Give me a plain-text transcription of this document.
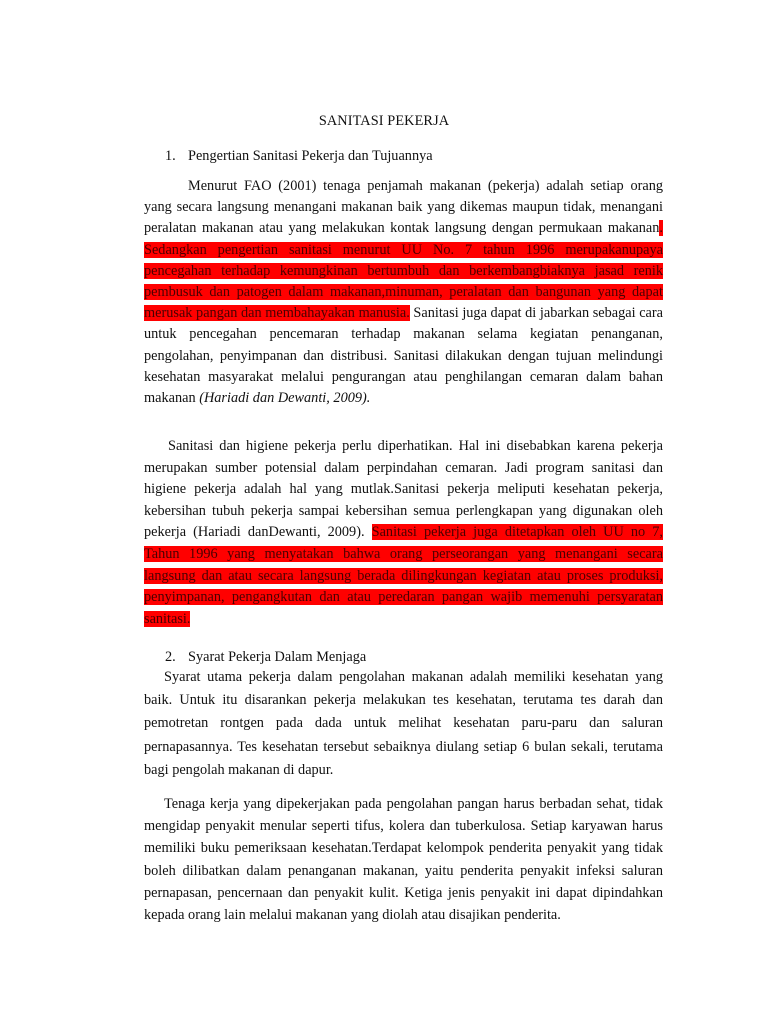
SANITASI PEKERJA
1. Pengertian Sanitasi Pekerja dan Tujuannya

Menurut FAO (2001) tenaga penjamah makanan (pekerja) adalah setiap orang yang secara langsung menangani makanan baik yang dikemas maupun tidak, menangani peralatan makanan atau yang melakukan kontak langsung dengan permukaan makanan. Sedangkan pengertian sanitasi menurut UU No. 7 tahun 1996 merupakanupaya pencegahan terhadap kemungkinan bertumbuh dan berkembangbiaknya jasad renik pembusuk dan patogen dalam makanan,minuman, peralatan dan bangunan yang dapat merusak pangan dan membahayakan manusia. Sanitasi juga dapat di jabarkan sebagai cara untuk pencegahan pencemaran terhadap makanan selama kegiatan penanganan, pengolahan, penyimpanan dan distribusi. Sanitasi dilakukan dengan tujuan melindungi kesehatan masyarakat melalui pengurangan atau penghilangan cemaran dalam bahan makanan (Hariadi dan Dewanti, 2009).

Sanitasi dan higiene pekerja perlu diperhatikan. Hal ini disebabkan karena pekerja merupakan sumber potensial dalam perpindahan cemaran. Jadi program sanitasi dan higiene pekerja adalah hal yang mutlak.Sanitasi pekerja meliputi kesehatan pekerja, kebersihan tubuh pekerja sampai kebersihan semua perlengkapan yang digunakan oleh pekerja (Hariadi danDewanti, 2009). Sanitasi pekerja juga ditetapkan oleh UU no 7, Tahun 1996 yang menyatakan bahwa orang perseorangan yang menangani secara langsung dan atau secara langsung berada dilingkungan kegiatan atau proses produksi, penyimpanan, pengangkutan dan atau peredaran pangan wajib memenuhi persyaratan sanitasi.

2. Syarat Pekerja Dalam Menjaga

Syarat utama pekerja dalam pengolahan makanan adalah memiliki kesehatan yang baik. Untuk itu disarankan pekerja melakukan tes kesehatan, terutama tes darah dan pemotretan rontgen pada dada untuk melihat kesehatan paru-paru dan saluran pernapasannya. Tes kesehatan tersebut sebaiknya diulang setiap 6 bulan sekali, terutama bagi pengolah makanan di dapur.

Tenaga kerja yang dipekerjakan pada pengolahan pangan harus berbadan sehat, tidak mengidap penyakit menular seperti tifus, kolera dan tuberkulosa. Setiap karyawan harus memiliki buku pemeriksaan kesehatan.Terdapat kelompok penderita penyakit yang tidak boleh dilibatkan dalam penanganan makanan, yaitu penderita penyakit infeksi saluran pernapasan, pencernaan dan penyakit kulit. Ketiga jenis penyakit ini dapat dipindahkan kepada orang lain melalui makanan yang diolah atau disajikan penderita.
